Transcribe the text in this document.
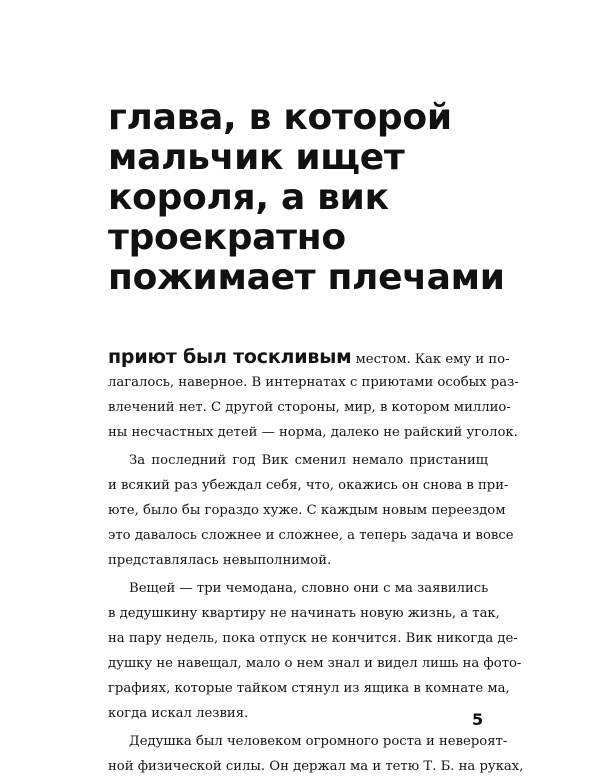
глава, в которой
мальчик ищет
короля, а вик
троекратно
пожимает плечами
приют был тоскливым местом. Как ему и по-
лагалось, наверное. В интернатах с приютами особых раз-
влечений нет. С другой стороны, мир, в котором миллио-
ны несчастных детей — норма, далеко не райский уголок.
За последний год Вик сменил немало пристанищ
и всякий раз убеждал себя, что, окажись он снова в при-
юте, было бы гораздо хуже. С каждым новым переездом
это давалось сложнее и сложнее, а теперь задача и вовсе
представлялась невыполнимой.
Вещей — три чемодана, словно они с ма заявились
в дедушкину квартиру не начинать новую жизнь, а так,
на пару недель, пока отпуск не кончится. Вик никогда де-
душку не навещал, мало о нем знал и видел лишь на фото-
графиях, которые тайком стянул из ящика в комнате ма,
когда искал лезвия.
Дедушка был человеком огромного роста и невероят-
ной физической силы. Он держал ма и тетю Т. Б. на руках,
5
